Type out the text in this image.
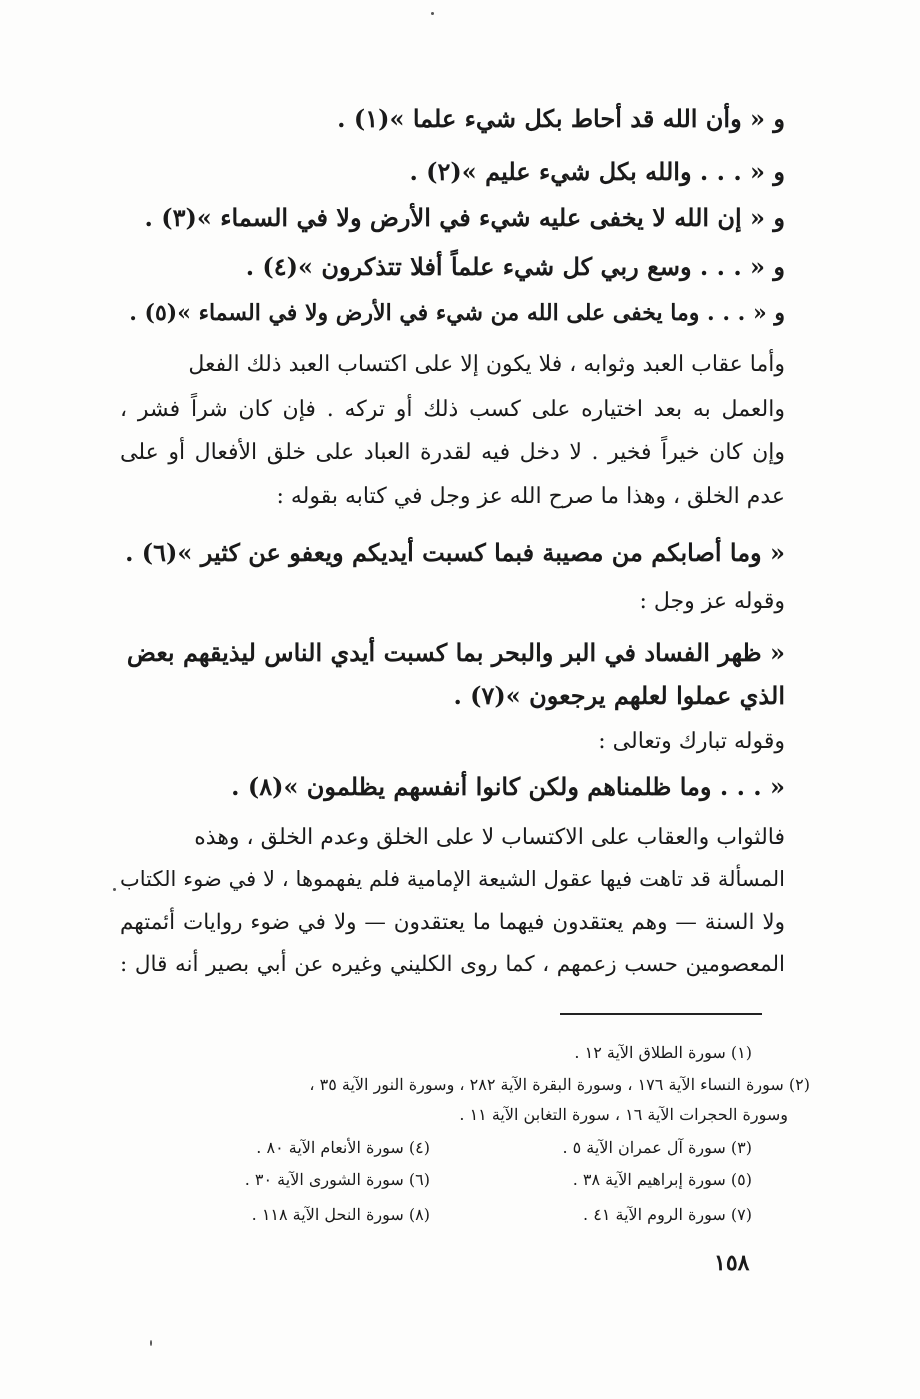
و « وأن الله قد أحاط بكل شيء علما »(١) .
و « . . . والله بكل شيء عليم »(٢) .
و « إن الله لا يخفى عليه شيء في الأرض ولا في السماء »(٣) .
و « . . . وسع ربي كل شيء علماً أفلا تتذكرون »(٤) .
و « . . . وما يخفى على الله من شيء في الأرض ولا في السماء »(٥) .
وأما عقاب العبد وثوابه ، فلا يكون إلا على اكتساب العبد ذلك الفعل
والعمل به بعد اختياره على كسب ذلك أو تركه . فإن كان شراً فشر ،
وإن كان خيراً فخير . لا دخل فيه لقدرة العباد على خلق الأفعال أو على
عدم الخلق ، وهذا ما صرح الله عز وجل في كتابه بقوله :
« وما أصابكم من مصيبة فبما كسبت أيديكم ويعفو عن كثير »(٦) .
وقوله عز وجل :
« ظهر الفساد في البر والبحر بما كسبت أيدي الناس ليذيقهم بعض
الذي عملوا لعلهم يرجعون »(٧) .
وقوله تبارك وتعالى :
« . . . وما ظلمناهم ولكن كانوا أنفسهم يظلمون »(٨) .
فالثواب والعقاب على الاكتساب لا على الخلق وعدم الخلق ، وهذه
المسألة قد تاهت فيها عقول الشيعة الإمامية فلم يفهموها ، لا في ضوء الكتاب
ولا السنة — وهم يعتقدون فيهما ما يعتقدون — ولا في ضوء روايات أئمتهم
المعصومين حسب زعمهم ، كما روى الكليني وغيره عن أبي بصير أنه قال :
(١) سورة الطلاق الآية ١٢ .
(٢) سورة النساء الآية ١٧٦ ، وسورة البقرة الآية ٢٨٢ ، وسورة النور الآية ٣٥ ،
وسورة الحجرات الآية ١٦ ، سورة التغابن الآية ١١ .
(٣) سورة آل عمران الآية ٥ .
(٤) سورة الأنعام الآية ٨٠ .
(٥) سورة إبراهيم الآية ٣٨ .
(٦) سورة الشورى الآية ٣٠ .
(٧) سورة الروم الآية ٤١ .
(٨) سورة النحل الآية ١١٨ .
١٥٨
